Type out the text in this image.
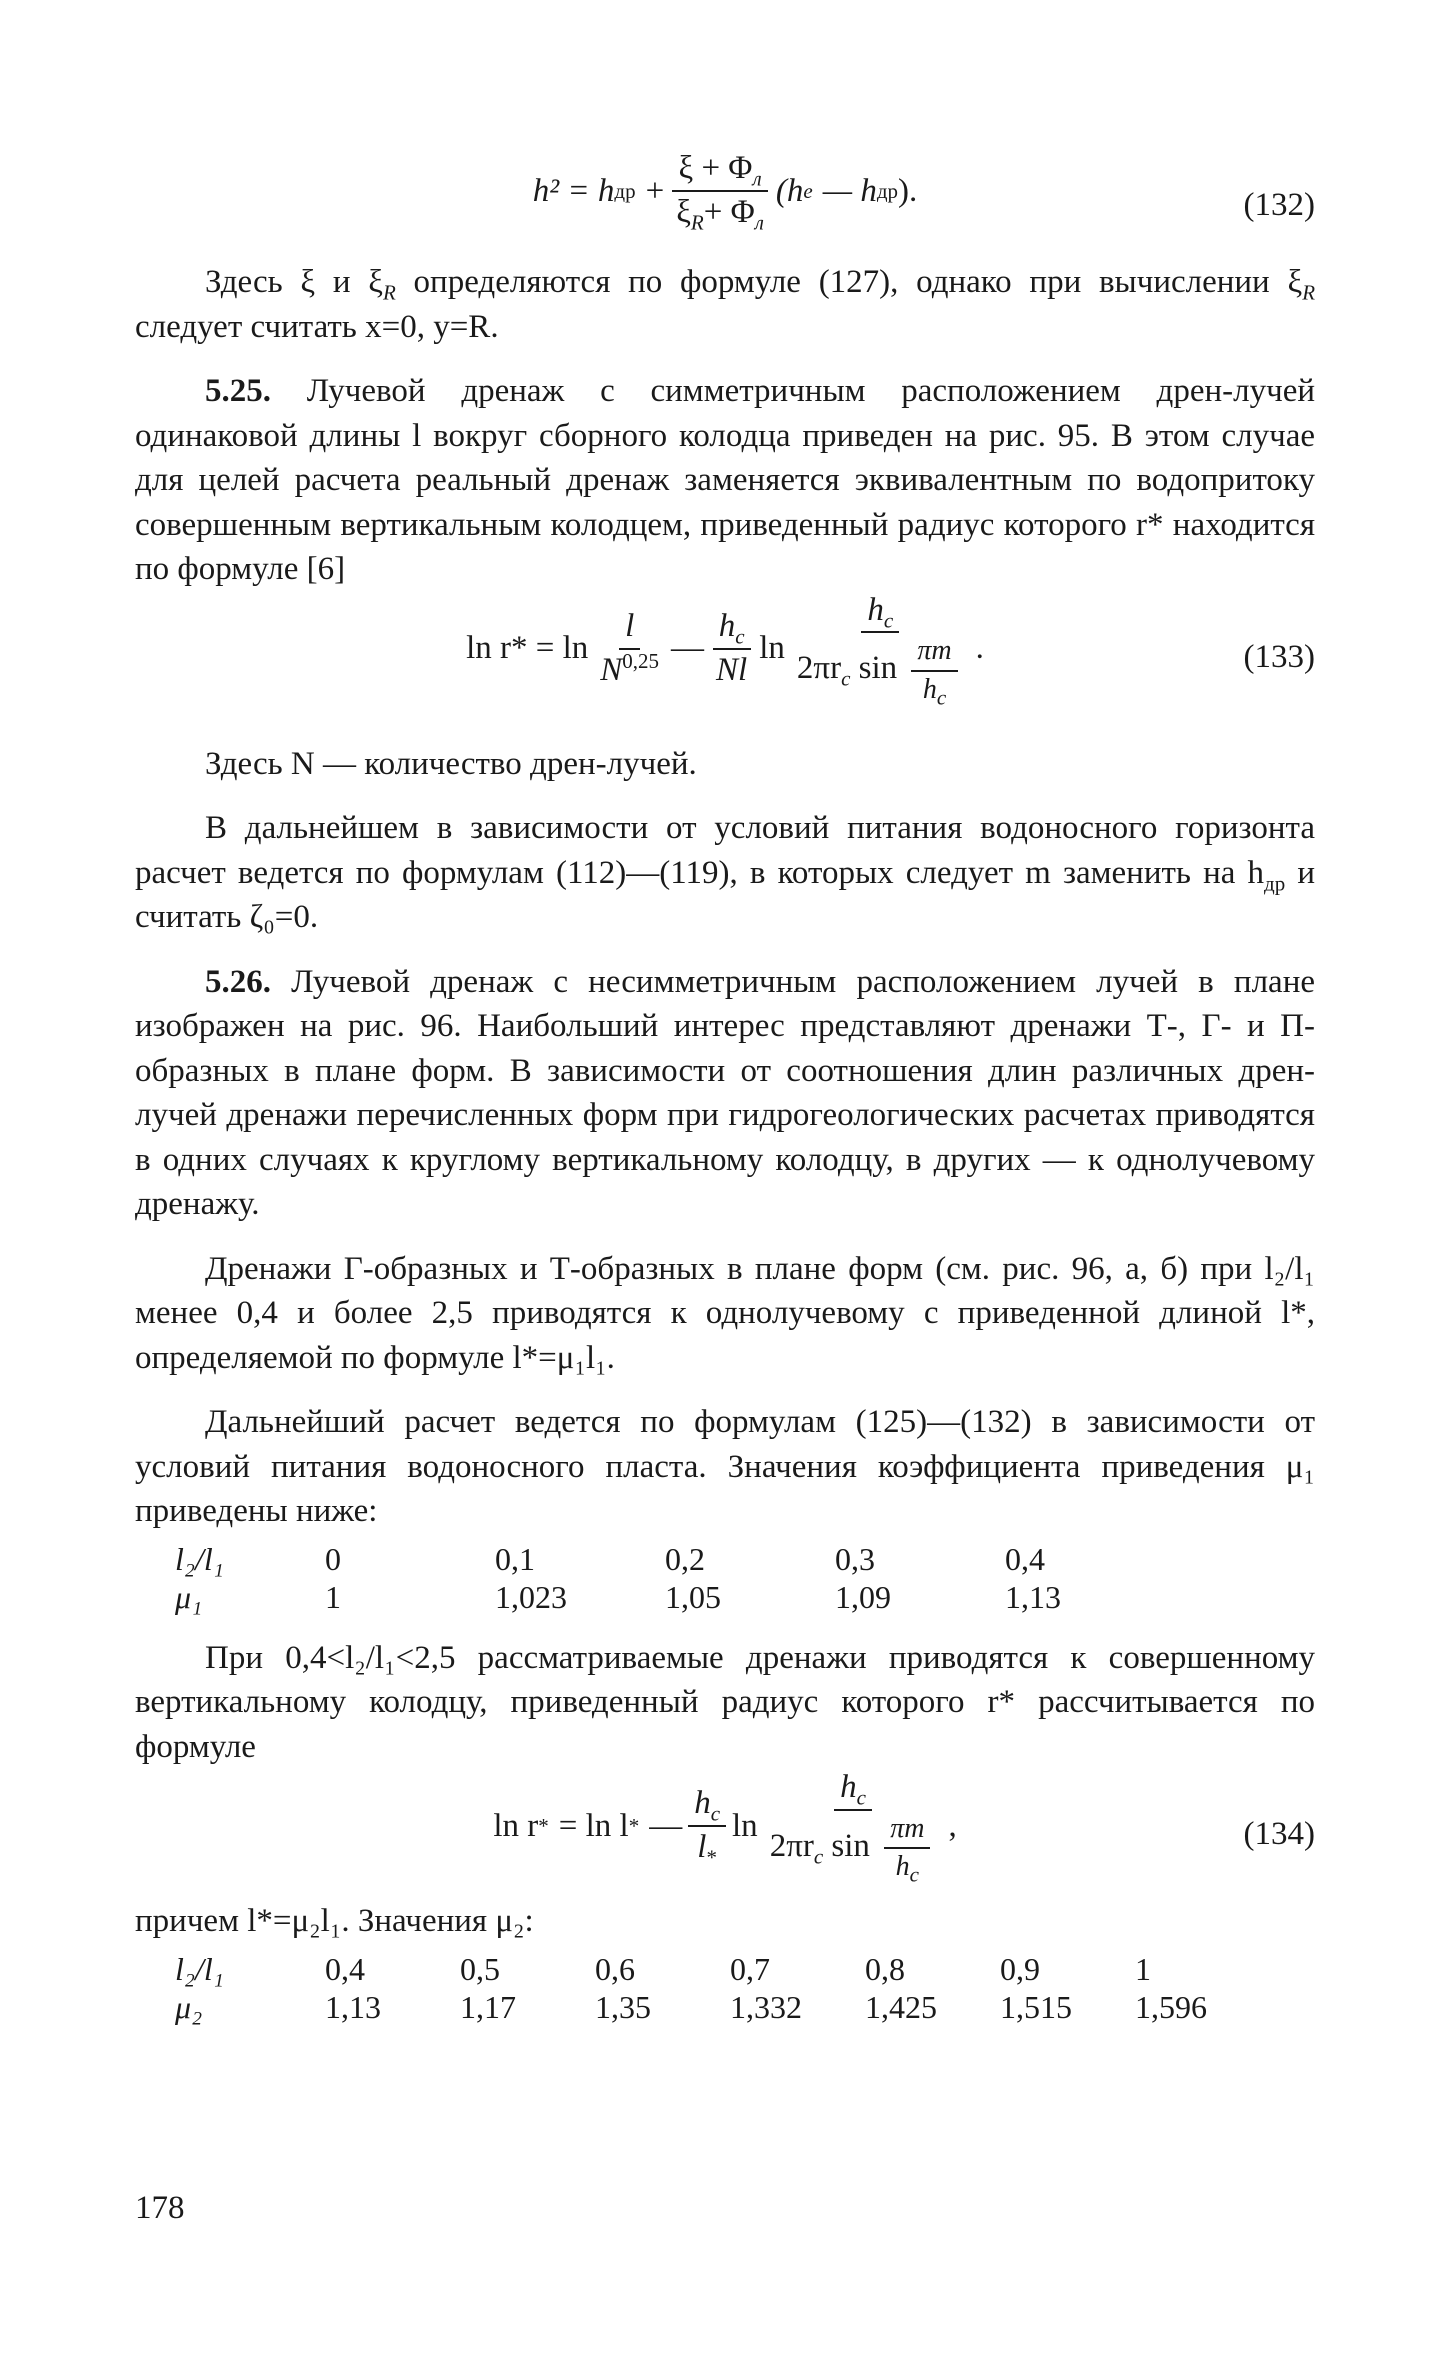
h² = h др + $\frac{\xi + \Phi_л}{\xi_R+ \Phi_л} (h$ e — h др ).	(132)

Здесь ξ и $\xi_R$ определяются по формуле (127), однако при вычислении $\xi_R$ следует считать x=0, y=R.

5.25. Лучевой дренаж с симметричным расположением дрен-лучей одинаковой длины l вокруг сборного колодца приведен на рис. 95. В этом случае для целей расчета реальный дренаж заменяется эквивалентным по водопритоку совершенным вертикальным колодцем, приведенный радиус которого r* находится по формуле [6]

$\ln r* = \ln \frac{l}{N^{0,25}}$ — $\frac{h_c}{Nl}$ $\ln \frac{h_c}{2\pi r_c \sin \frac{\pi m}{h_c}}$ .	(133)

Здесь N — количество дрен-лучей.

В дальнейшем в зависимости от условий питания водоносного горизонта расчет ведется по формулам (112)—(119), в которых следует m заменить на $h_{др}$ и считать ζ₀=0.

5.26. Лучевой дренаж с несимметричным расположением лучей в плане изображен на рис. 96. Наибольший интерес представляют дренажи Т-, Г- и П-образных в плане форм. В зависимости от соотношения длин различных дрен-лучей дренажи перечисленных форм при гидрогеологических расчетах приводятся в одних случаях к круглому вертикальному колодцу, в других — к однолучевому дренажу.

Дренажи Г-образных и Т-образных в плане форм (см. рис. 96, а, б) при l₂/l₁ менее 0,4 и более 2,5 приводятся к однолучевому с приведенной длиной l*, определяемой по формуле l*=μ₁l₁.

Дальнейший расчет ведется по формулам (125)—(132) в зависимости от условий питания водоносного пласта. Значения коэффициента приведения μ₁ приведены ниже:

l₂/l₁	0	0,1	0,2	0,3	0,4
μ₁	1	1,023	1,05	1,09	1,13

При 0,4<l₂/l₁<2,5 рассматриваемые дренажи приводятся к совершенному вертикальному колодцу, приведенный радиус которого r* рассчитывается по формуле

ln r * = ln l * — $\frac{h_c}{l_*}$ $\ln \frac{h_c}{2\pi r_c \sin \frac{\pi m}{h_c}}$ ,	(134)

причем l*=μ₂l₁. Значения μ₂:

l₂/l₁	0,4	0,5	0,6	0,7	0,8	0,9	1
μ₂	1,13	1,17	1,35	1,332	1,425	1,515	1,596
178
